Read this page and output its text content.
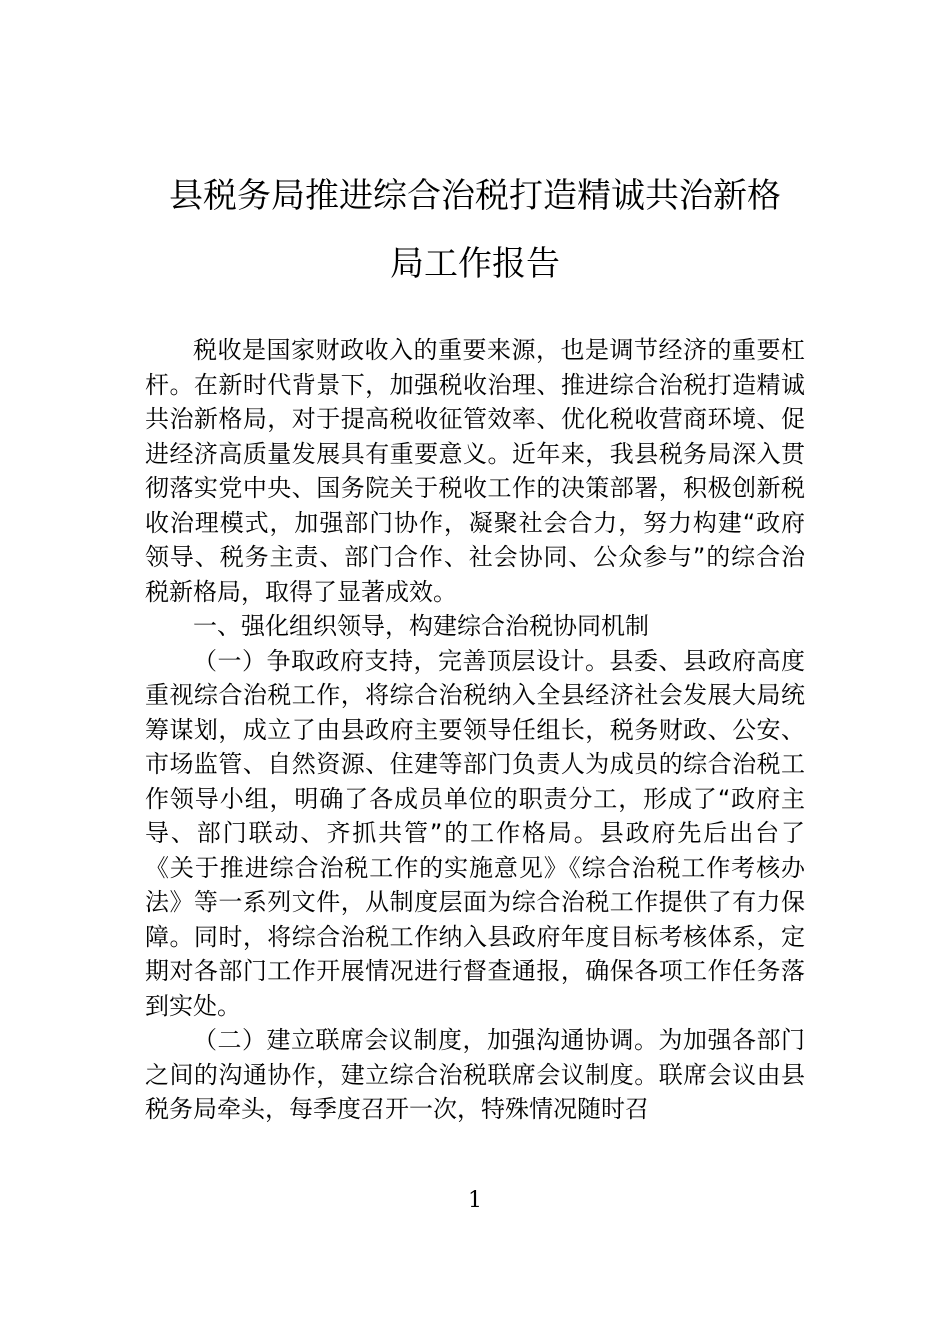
县税务局推进综合治税打造精诚共治新格
局工作报告

税收是国家财政收入的重要来源，也是调节经济的重要杠杆。在新时代背景下，加强税收治理、推进综合治税打造精诚共治新格局，对于提高税收征管效率、优化税收营商环境、促进经济高质量发展具有重要意义。近年来，我县税务局深入贯彻落实党中央、国务院关于税收工作的决策部署，积极创新税收治理模式，加强部门协作，凝聚社会合力，努力构建“政府领导、税务主责、部门合作、社会协同、公众参与”的综合治税新格局，取得了显著成效。

一、强化组织领导，构建综合治税协同机制

（一）争取政府支持，完善顶层设计。县委、县政府高度重视综合治税工作，将综合治税纳入全县经济社会发展大局统筹谋划，成立了由县政府主要领导任组长，税务财政、公安、市场监管、自然资源、住建等部门负责人为成员的综合治税工作领导小组，明确了各成员单位的职责分工，形成了“政府主导、部门联动、齐抓共管”的工作格局。县政府先后出台了《关于推进综合治税工作的实施意见》《综合治税工作考核办法》等一系列文件，从制度层面为综合治税工作提供了有力保障。同时，将综合治税工作纳入县政府年度目标考核体系，定期对各部门工作开展情况进行督查通报，确保各项工作任务落到实处。

（二）建立联席会议制度，加强沟通协调。为加强各部门之间的沟通协作，建立综合治税联席会议制度。联席会议由县税务局牵头，每季度召开一次，特殊情况随时召

1
